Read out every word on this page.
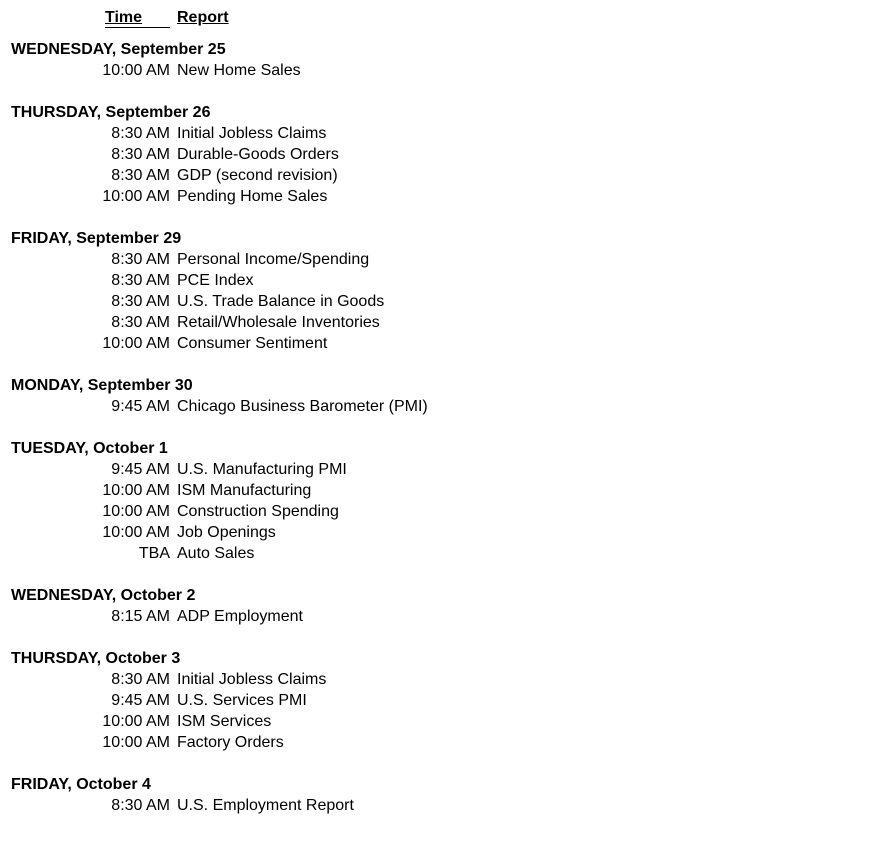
Time	Report
WEDNESDAY, September 25
10:00 AM New Home Sales
THURSDAY, September 26
8:30 AM Initial Jobless Claims
8:30 AM Durable-Goods Orders
8:30 AM GDP (second revision)
10:00 AM Pending Home Sales
FRIDAY, September 29
8:30 AM Personal Income/Spending
8:30 AM PCE Index
8:30 AM U.S. Trade Balance in Goods
8:30 AM Retail/Wholesale Inventories
10:00 AM Consumer Sentiment
MONDAY, September 30
9:45 AM Chicago Business Barometer (PMI)
TUESDAY, October 1
9:45 AM U.S. Manufacturing PMI
10:00 AM ISM Manufacturing
10:00 AM Construction Spending
10:00 AM Job Openings
TBA Auto Sales
WEDNESDAY, October 2
8:15 AM ADP Employment
THURSDAY, October 3
8:30 AM Initial Jobless Claims
9:45 AM U.S. Services PMI
10:00 AM ISM Services
10:00 AM Factory Orders
FRIDAY, October 4
8:30 AM U.S. Employment Report
